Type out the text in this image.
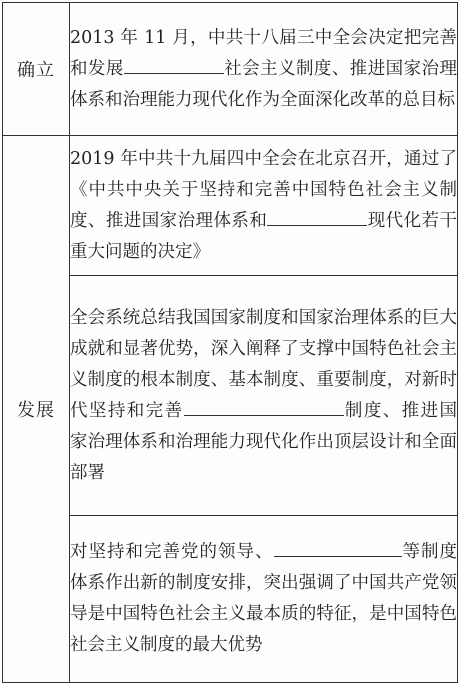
确立	2013 年 11 月，中共十八届三中全会决定把完善和发展 社会主义制度、推进国家治理体系和治理能力现代化作为全面深化改革的总目标

发展	2019 年中共十九届四中全会在北京召开，通过了《中共中央关于坚持和完善中国特色社会主义制度、推进国家治理体系和 现代化若干重大问题的决定》

	全会系统总结我国国家制度和国家治理体系的巨大成就和显著优势，深入阐释了支撑中国特色社会主义制度的根本制度、基本制度、重要制度，对新时代坚持和完善 制度、推进国家治理体系和治理能力现代化作出顶层设计和全面部署

	对坚持和完善党的领导、 等制度体系作出新的制度安排，突出强调了中国共产党领导是中国特色社会主义最本质的特征，是中国特色社会主义制度的最大优势
